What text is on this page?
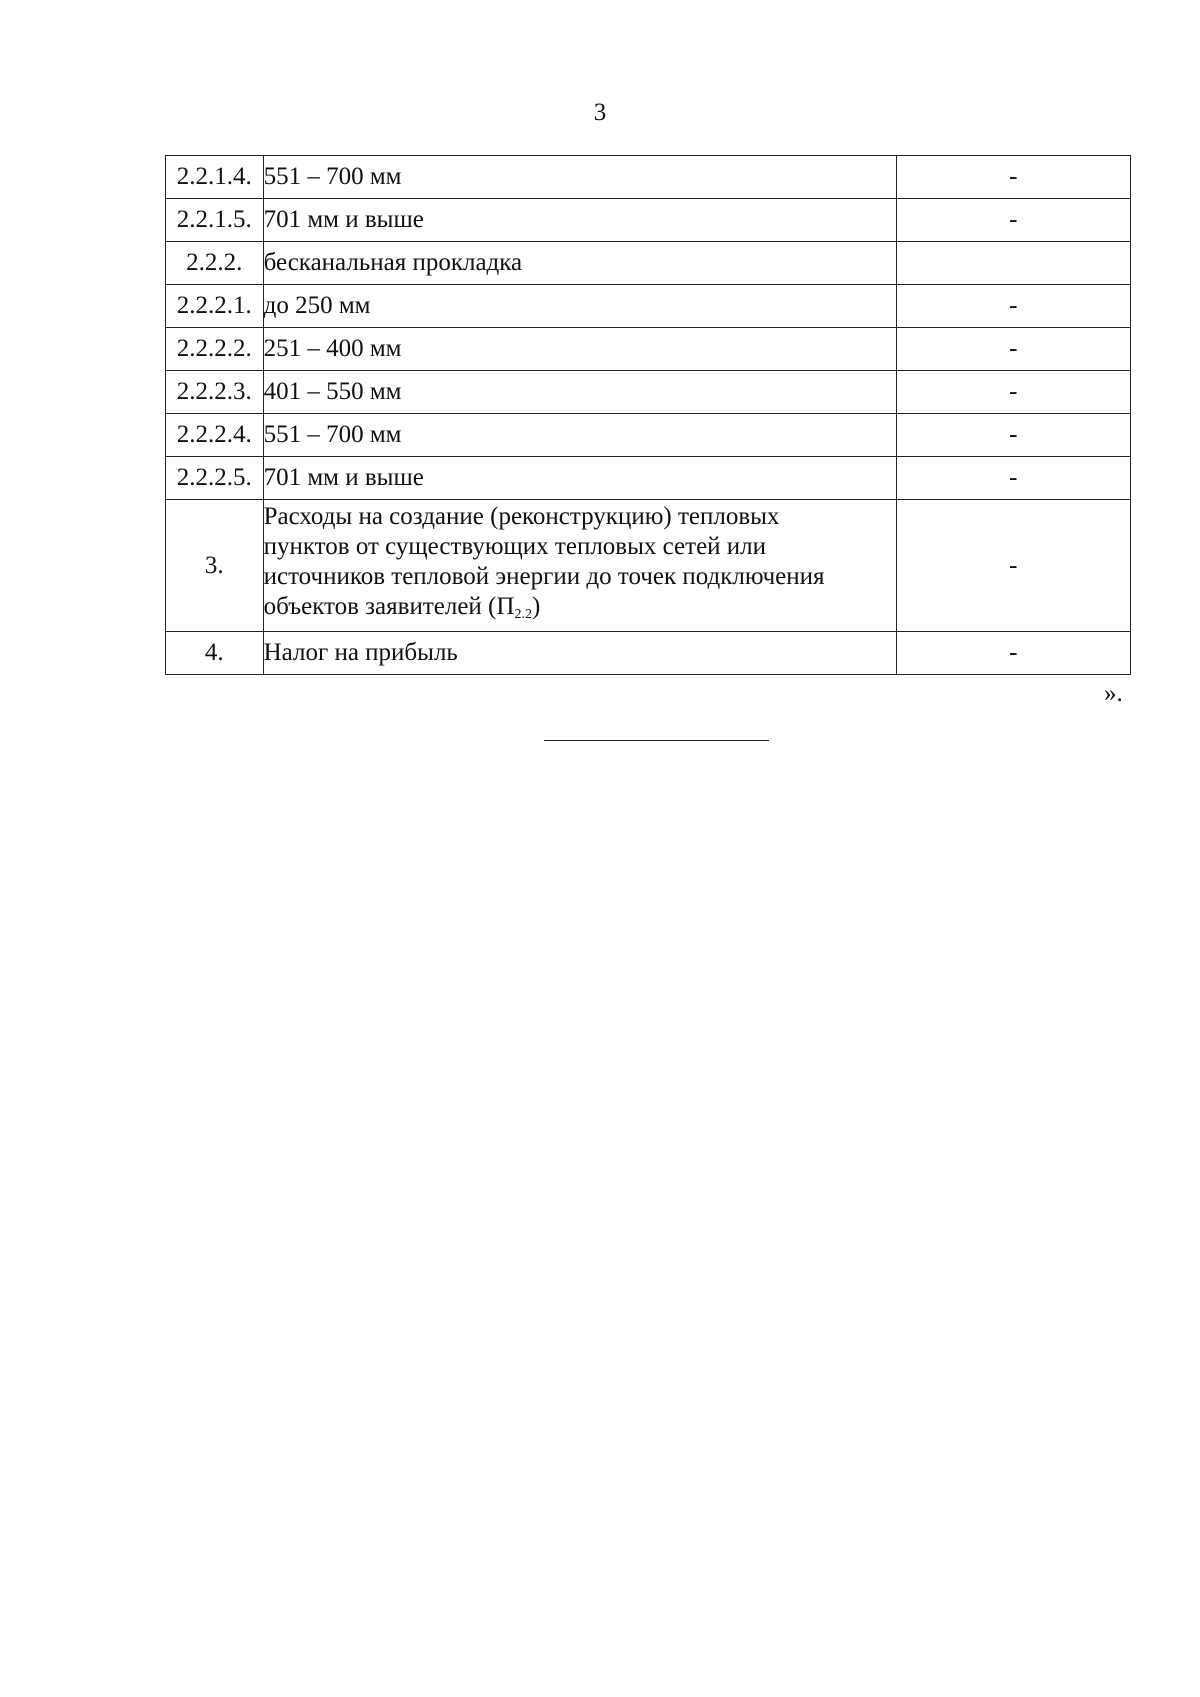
3
2.2.1.4.	551 – 700 мм	-
2.2.1.5.	701 мм и выше	-
2.2.2.	бесканальная прокладка	
2.2.2.1.	до 250 мм	-
2.2.2.2.	251 – 400 мм	-
2.2.2.3.	401 – 550 мм	-
2.2.2.4.	551 – 700 мм	-
2.2.2.5.	701 мм и выше	-
3.	Расходы на создание (реконструкцию) тепловых
пунктов от существующих тепловых сетей или
источников тепловой энергии до точек подключения
объектов заявителей $(П_{2.2})$	-
4.	Налог на прибыль	-
».
